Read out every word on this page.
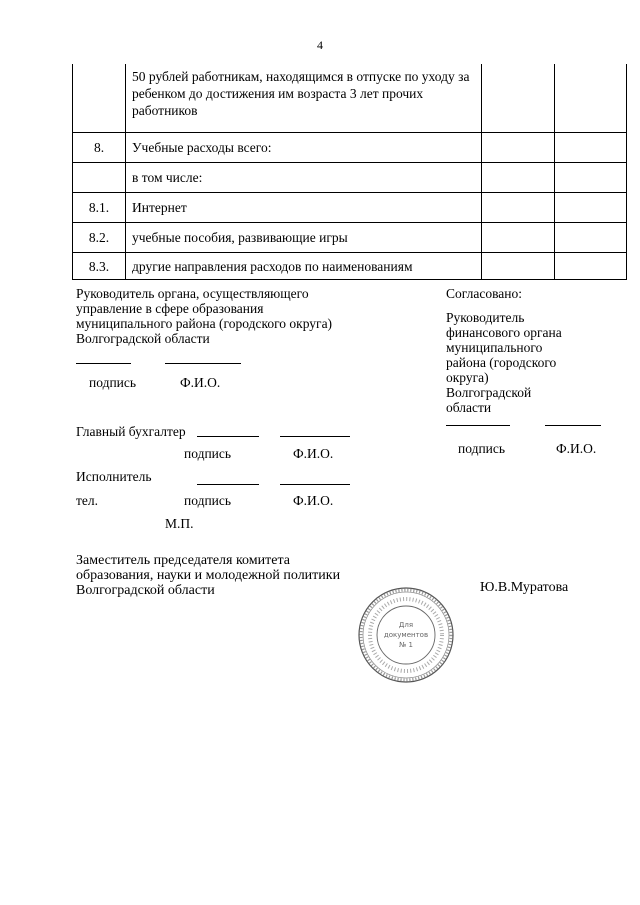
4
	50 рублей работникам, находящимся в отпуске по уходу за ребенком до достижения им возраста 3 лет прочих работников		
8.	Учебные расходы всего:		
	в том числе:		
8.1.	Интернет		
8.2.	учебные пособия, развивающие игры		
8.3.	другие направления расходов по наименованиям		
Руководитель органа, осуществляющего
управление в сфере образования
муниципального района (городского округа)
Волгоградской области
подпись	Ф.И.О.
Главный бухгалтер
подпись	Ф.И.О.
Исполнитель
тел.	подпись	Ф.И.О.
М.П.
Согласовано:
Руководитель
финансового органа
муниципального
района (городского
округа)
Волгоградской
области
подпись	Ф.И.О.
Заместитель председателя комитета
образования, науки и молодежной политики
Волгоградской области	Ю.В.Муратова
Для
документов
№ 1
